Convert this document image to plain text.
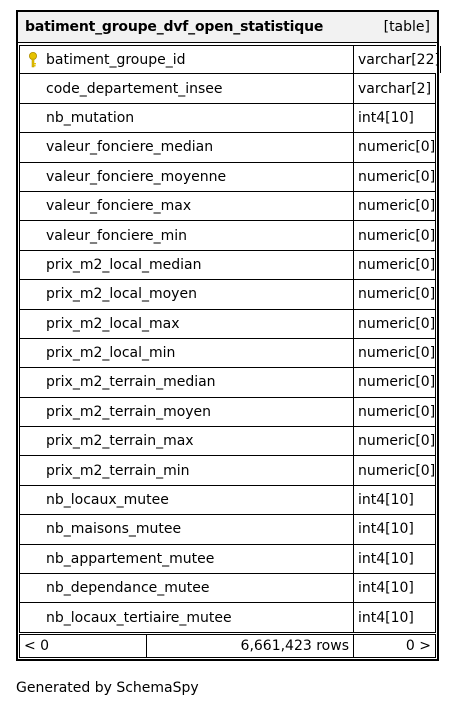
batiment_groupe_dvf_open_statistique	[table]
batiment_groupe_id	varchar[22]
code_departement_insee	varchar[2]
nb_mutation	int4[10]
valeur_fonciere_median	numeric[0]
valeur_fonciere_moyenne	numeric[0]
valeur_fonciere_max	numeric[0]
valeur_fonciere_min	numeric[0]
prix_m2_local_median	numeric[0]
prix_m2_local_moyen	numeric[0]
prix_m2_local_max	numeric[0]
prix_m2_local_min	numeric[0]
prix_m2_terrain_median	numeric[0]
prix_m2_terrain_moyen	numeric[0]
prix_m2_terrain_max	numeric[0]
prix_m2_terrain_min	numeric[0]
nb_locaux_mutee	int4[10]
nb_maisons_mutee	int4[10]
nb_appartement_mutee	int4[10]
nb_dependance_mutee	int4[10]
nb_locaux_tertiaire_mutee	int4[10]
< 0	6,661,423 rows	0 >
Generated by SchemaSpy
